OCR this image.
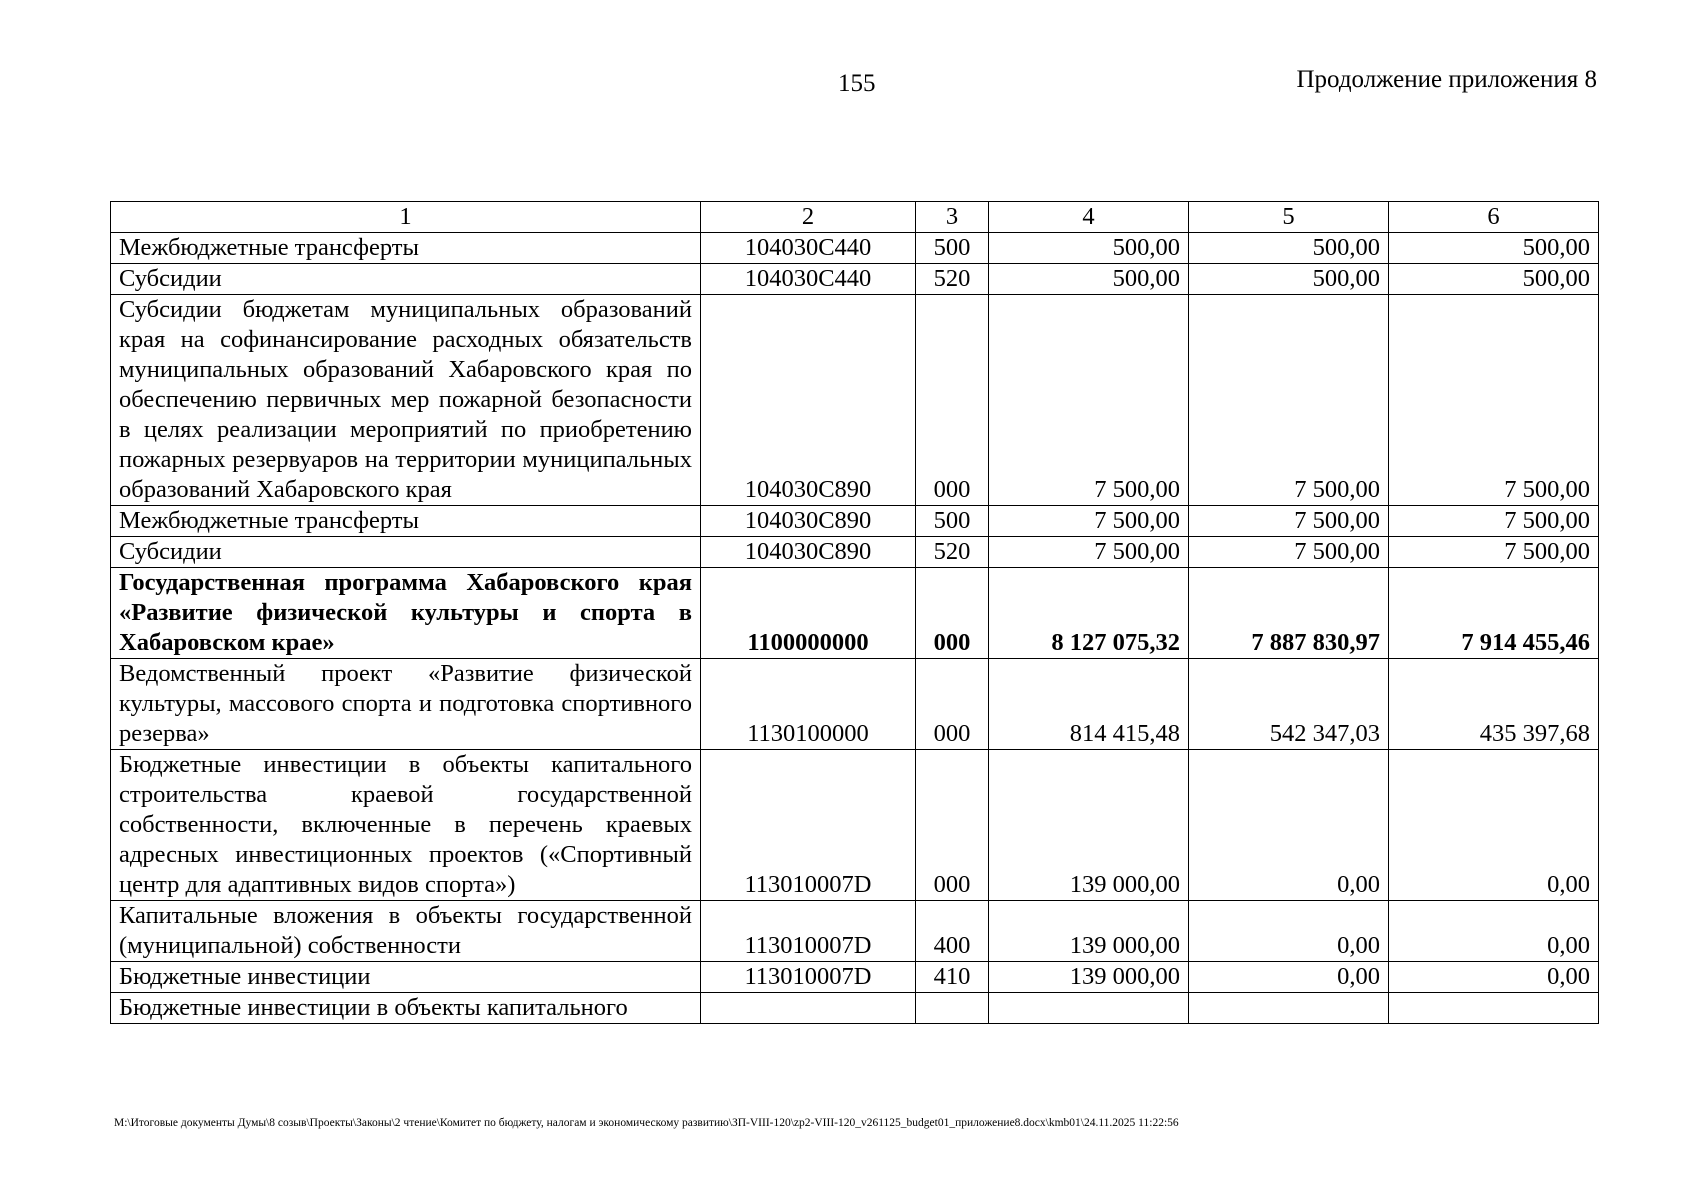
155	Продолжение приложения 8
1	2	3	4	5	6
Межбюджетные трансферты	104030С440	500	500,00	500,00	500,00
Субсидии	104030С440	520	500,00	500,00	500,00
Субсидии бюджетам муниципальных образований края на софинансирование расходных обязательств муниципальных образований Хабаровского края по обеспечению первичных мер пожарной безопасности в целях реализации мероприятий по приобретению пожарных резервуаров на территории муниципальных образований Хабаровского края	104030С890	000	7 500,00	7 500,00	7 500,00
Межбюджетные трансферты	104030С890	500	7 500,00	7 500,00	7 500,00
Субсидии	104030С890	520	7 500,00	7 500,00	7 500,00
Государственная программа Хабаровского края «Развитие физической культуры и спорта в Хабаровском крае»	1100000000	000	8 127 075,32	7 887 830,97	7 914 455,46
Ведомственный проект «Развитие физической культуры, массового спорта и подготовка спортивного резерва»	1130100000	000	814 415,48	542 347,03	435 397,68
Бюджетные инвестиции в объекты капитального строительства краевой государственной собственности, включенные в перечень краевых адресных инвестиционных проектов («Спортивный центр для адаптивных видов спорта»)	113010007D	000	139 000,00	0,00	0,00
Капитальные вложения в объекты государственной (муниципальной) собственности	113010007D	400	139 000,00	0,00	0,00
Бюджетные инвестиции	113010007D	410	139 000,00	0,00	0,00
Бюджетные инвестиции в объекты капитального					
М:\Итоговые документы Думы\8 созыв\Проекты\Законы\2 чтение\Комитет по бюджету, налогам и экономическому развитию\ЗП-VIII-120\zp2-VIII-120_v261125_budget01_приложение8.docx\kmb01\24.11.2025 11:22:56
